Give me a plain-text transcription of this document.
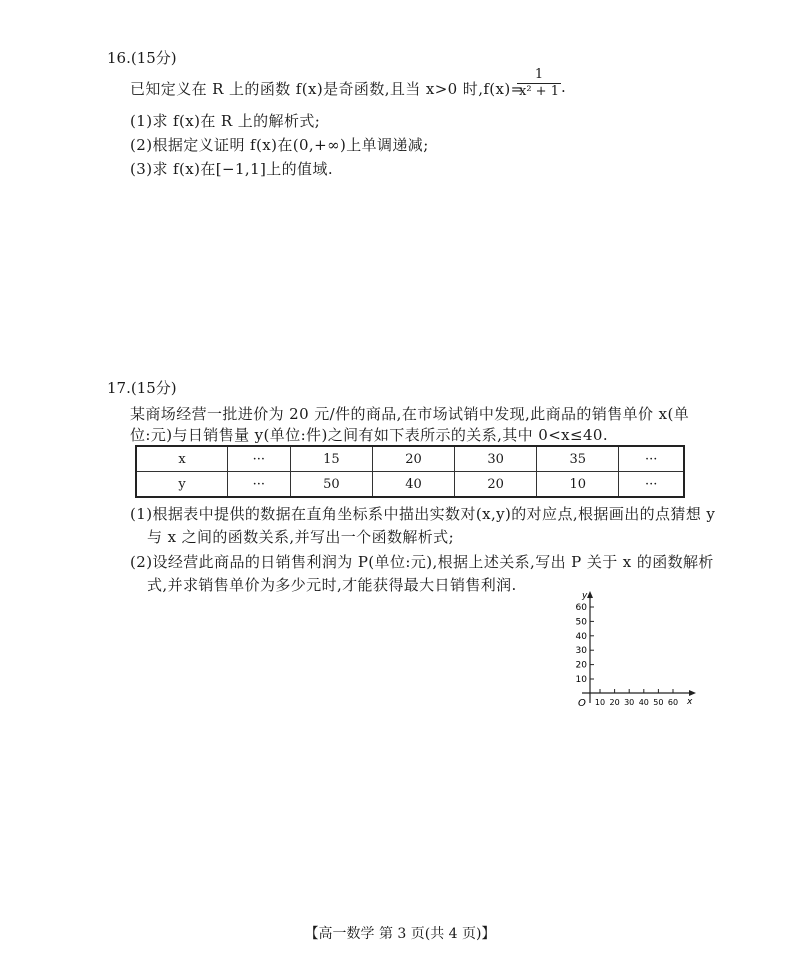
16.(15分)
已知定义在 R 上的函数 f(x)是奇函数,且当 x>0 时,f(x)=
1
x² + 1 .
(1)求 f(x)在 R 上的解析式;
(2)根据定义证明 f(x)在(0,+∞)上单调递减;
(3)求 f(x)在[−1,1]上的值域.
17.(15分)
某商场经营一批进价为 20 元/件的商品,在市场试销中发现,此商品的销售单价 x(单
位:元)与日销售量 y(单位:件)之间有如下表所示的关系,其中 0<x≤40.
x	···	15	20	30	35	···
y	···	50	40	20	10	···
(1)根据表中提供的数据在直角坐标系中描出实数对(x,y)的对应点,根据画出的点猜想 y
与 x 之间的函数关系,并写出一个函数解析式;
(2)设经营此商品的日销售利润为 P(单位:元),根据上述关系,写出 P 关于 x 的函数解析
式,并求销售单价为多少元时,才能获得最大日销售利润.
y
x
O
60
50
40
30
20
10
10 20 30 40 50 60
【高一数学 第 3 页(共 4 页)】
